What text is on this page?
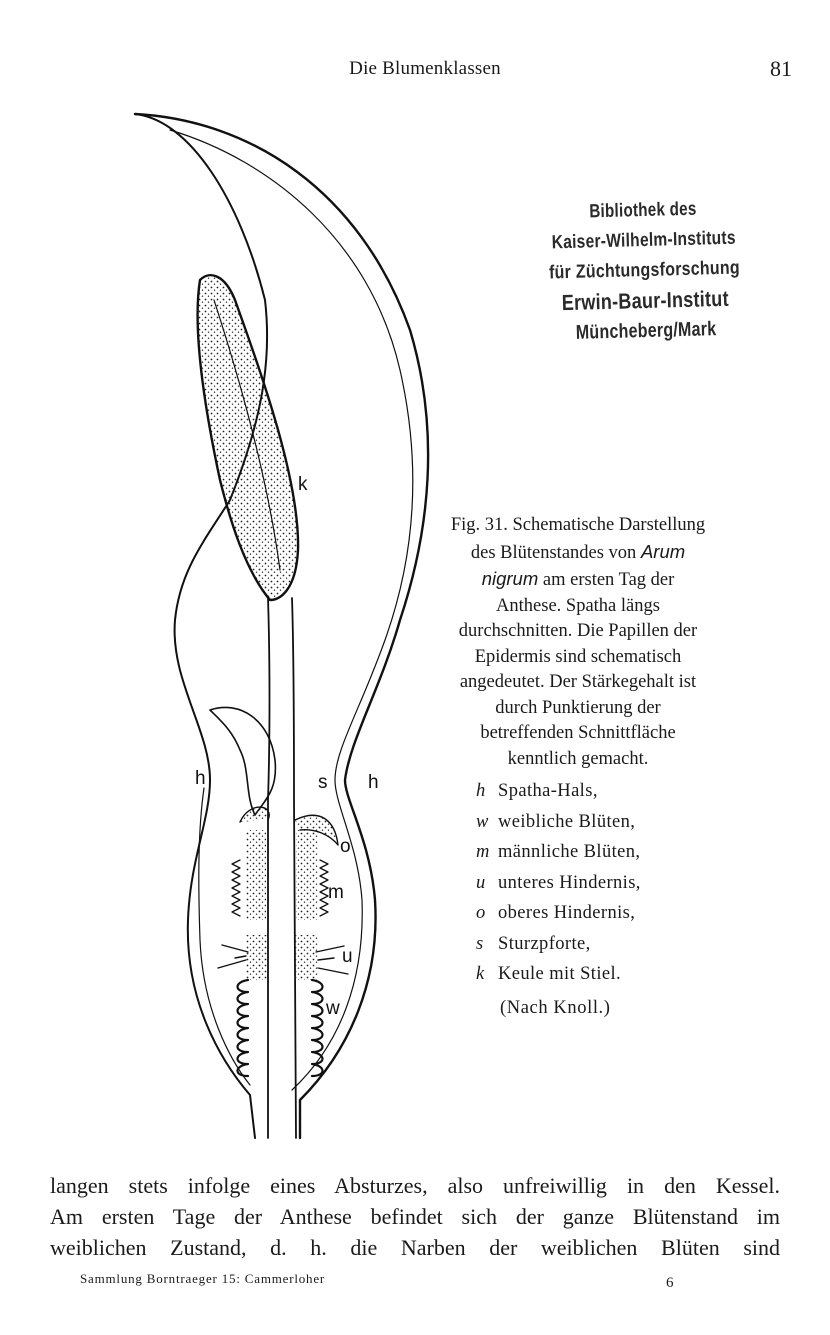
Die Blumenklassen	81
Bibliothek des
Kaiser-Wilhelm-Instituts
für Züchtungsforschung
Erwin-Baur-Institut
Müncheberg/Mark
k
h	s h
o
m
u
w
Fig. 31. Schematische Darstellung des Blütenstandes von Arum nigrum am ersten Tag der Anthese. Spatha längs durchschnitten. Die Papillen der Epidermis sind schematisch angedeutet. Der Stärkegehalt ist durch Punktierung der betreffenden Schnittfläche kenntlich gemacht.
h Spatha-Hals,
w weibliche Blüten,
m männliche Blüten,
u unteres Hindernis,
o oberes Hindernis,
s Sturzpforte,
k Keule mit Stiel.
(Nach Knoll.)
langen stets infolge eines Absturzes, also unfreiwillig in den Kessel.
Am ersten Tage der Anthese befindet sich der ganze Blütenstand im
weiblichen Zustand, d. h. die Narben der weiblichen Blüten sind
Sammlung Borntraeger 15: Cammerloher	6
